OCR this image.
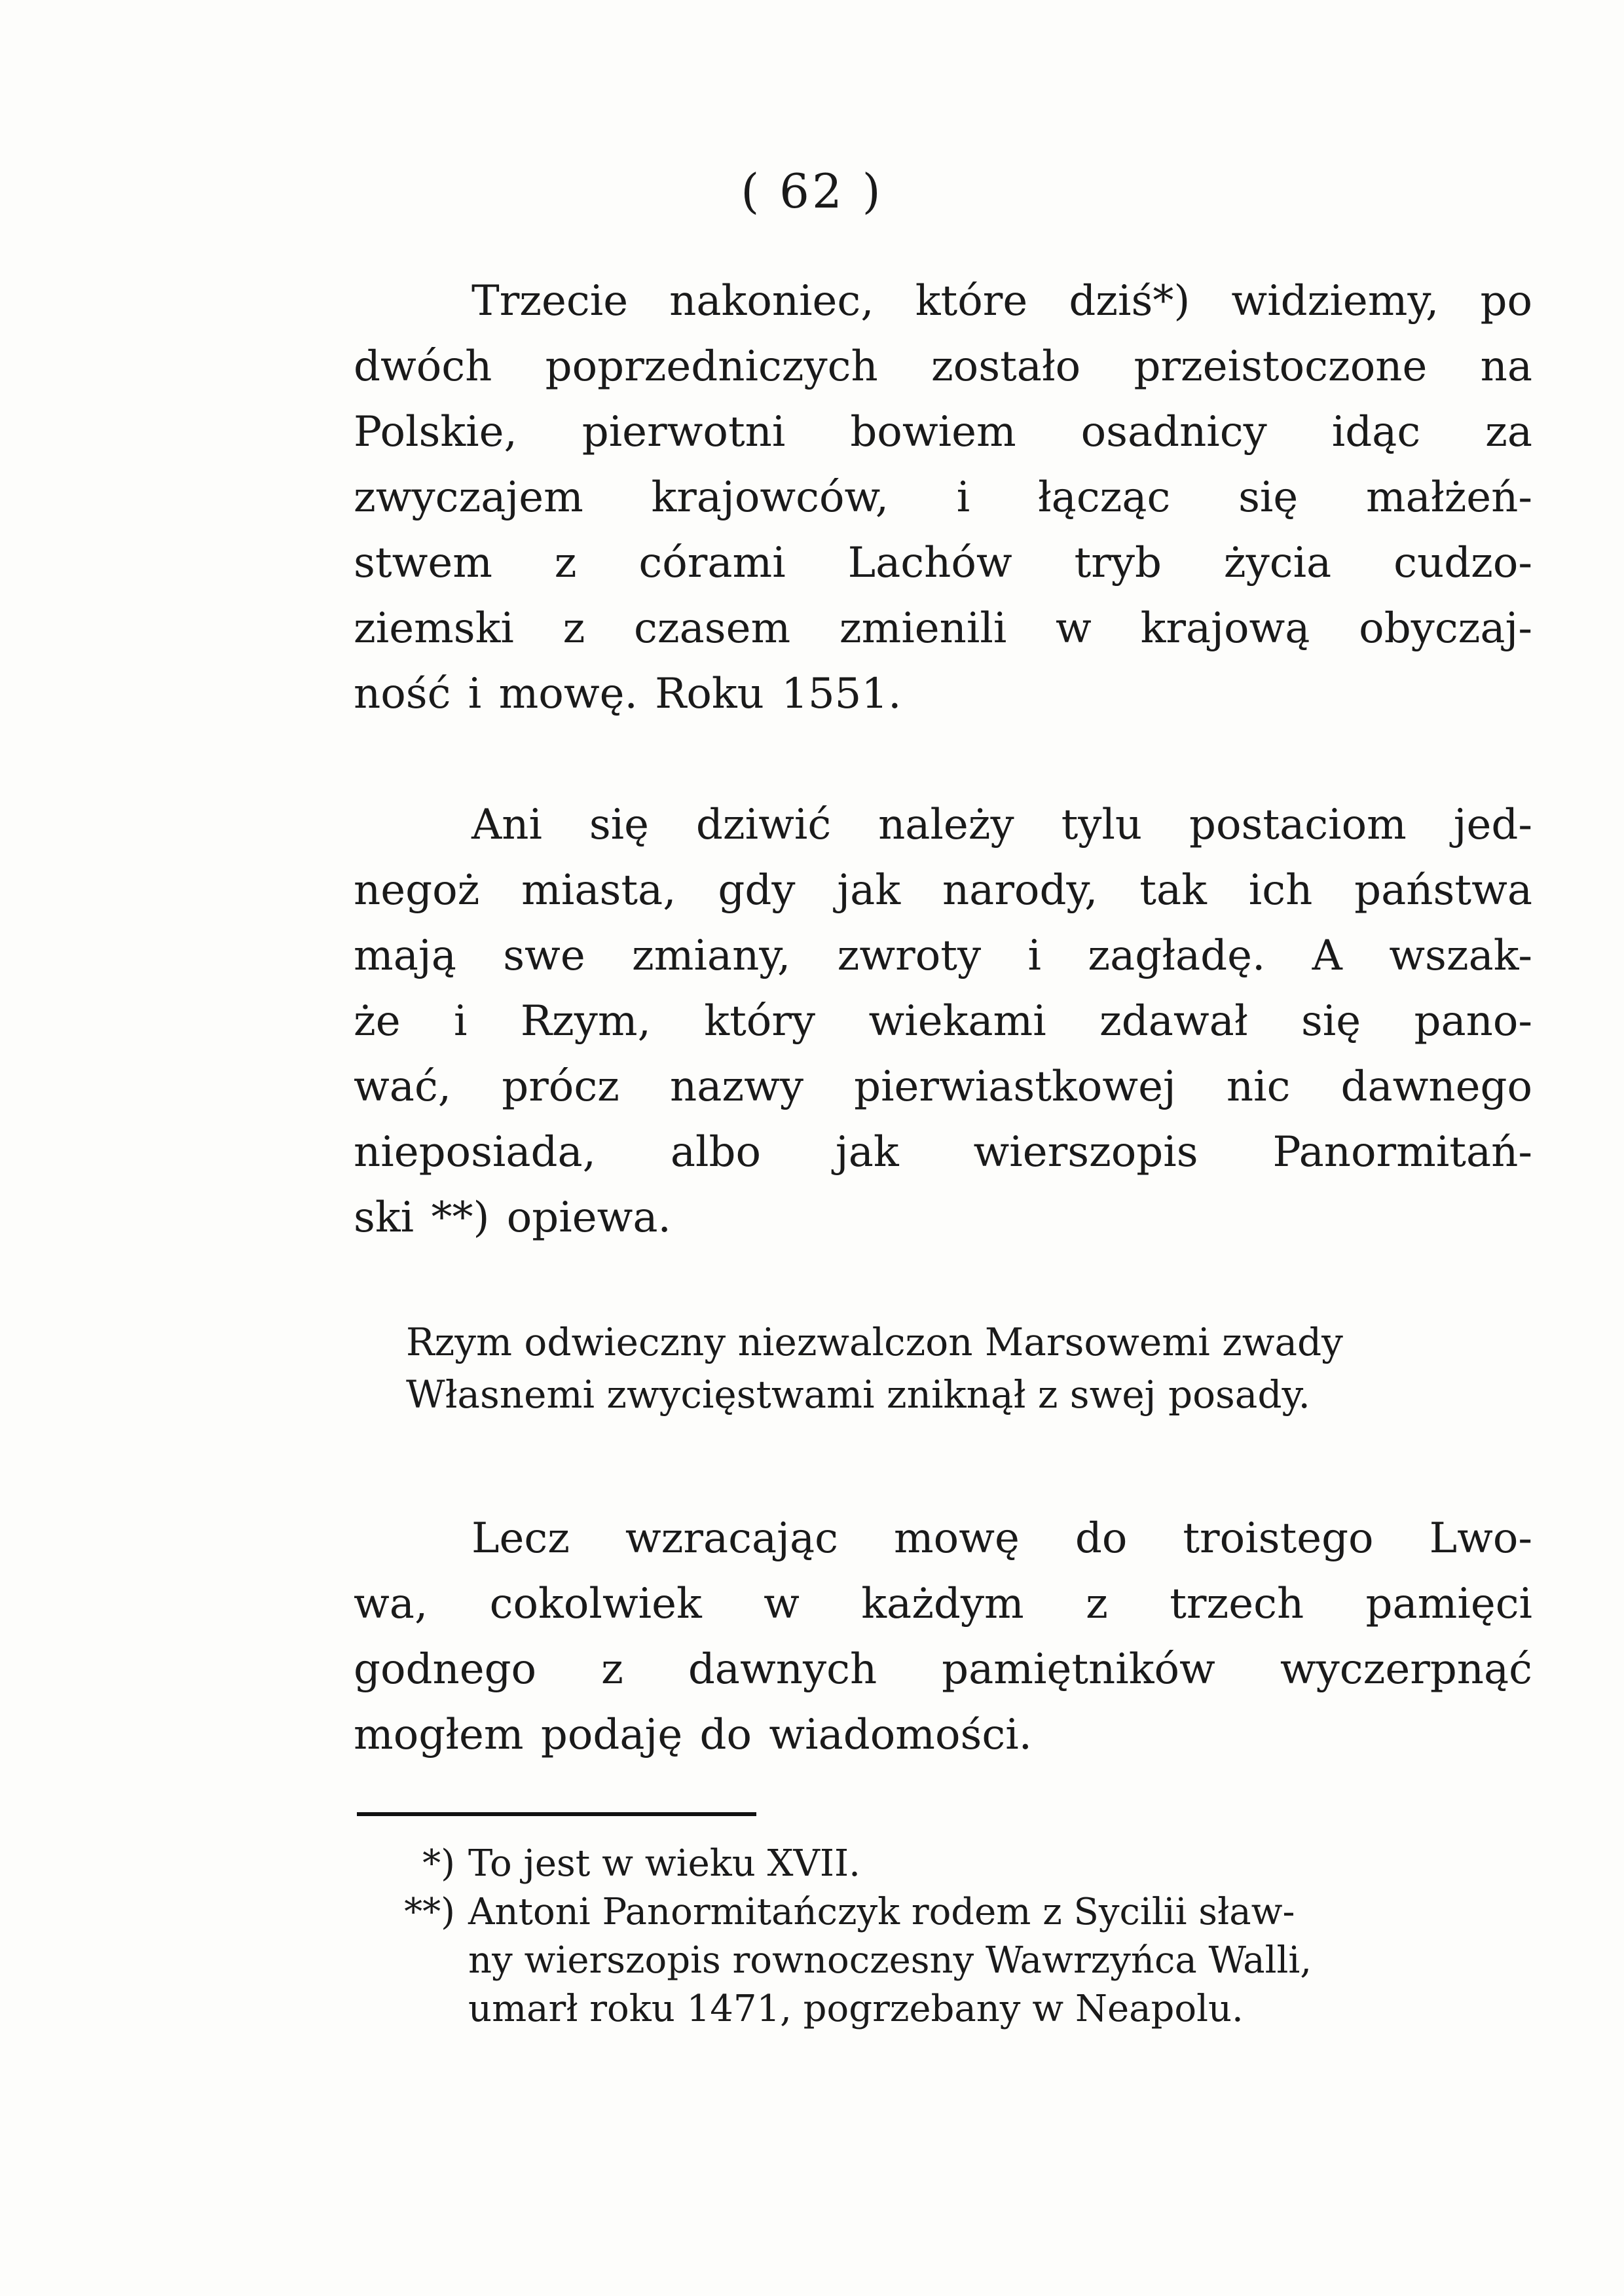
( 62 )
Trzecie nakoniec, które dziś*) widziemy, po
dwóch poprzedniczych zostało przeistoczone na
Polskie, pierwotni bowiem osadnicy idąc za
zwyczajem krajowców, i łącząc się małżeń-
stwem z córami Lachów tryb życia cudzo-
ziemski z czasem zmienili w krajową obyczaj-
ność i mowę. Roku 1551.
Ani się dziwić należy tylu postaciom jed-
negoż miasta, gdy jak narody, tak ich państwa
mają swe zmiany, zwroty i zagładę. A wszak-
że i Rzym, który wiekami zdawał się pano-
wać, prócz nazwy pierwiastkowej nic dawnego
nieposiada, albo jak wierszopis Panormitań-
ski **) opiewa.
Rzym odwieczny niezwalczon Marsowemi zwady
Własnemi zwycięstwami zniknął z swej posady.
Lecz wzracając mowę do troistego Lwo-
wa, cokolwiek w każdym z trzech pamięci
godnego z dawnych pamiętników wyczerpnąć
mogłem podaję do wiadomości.
*) To jest w wieku XVII.
**) Antoni Panormitańczyk rodem z Sycilii sław-
ny wierszopis rownoczesny Wawrzyńca Walli,
umarł roku 1471, pogrzebany w Neapolu.
